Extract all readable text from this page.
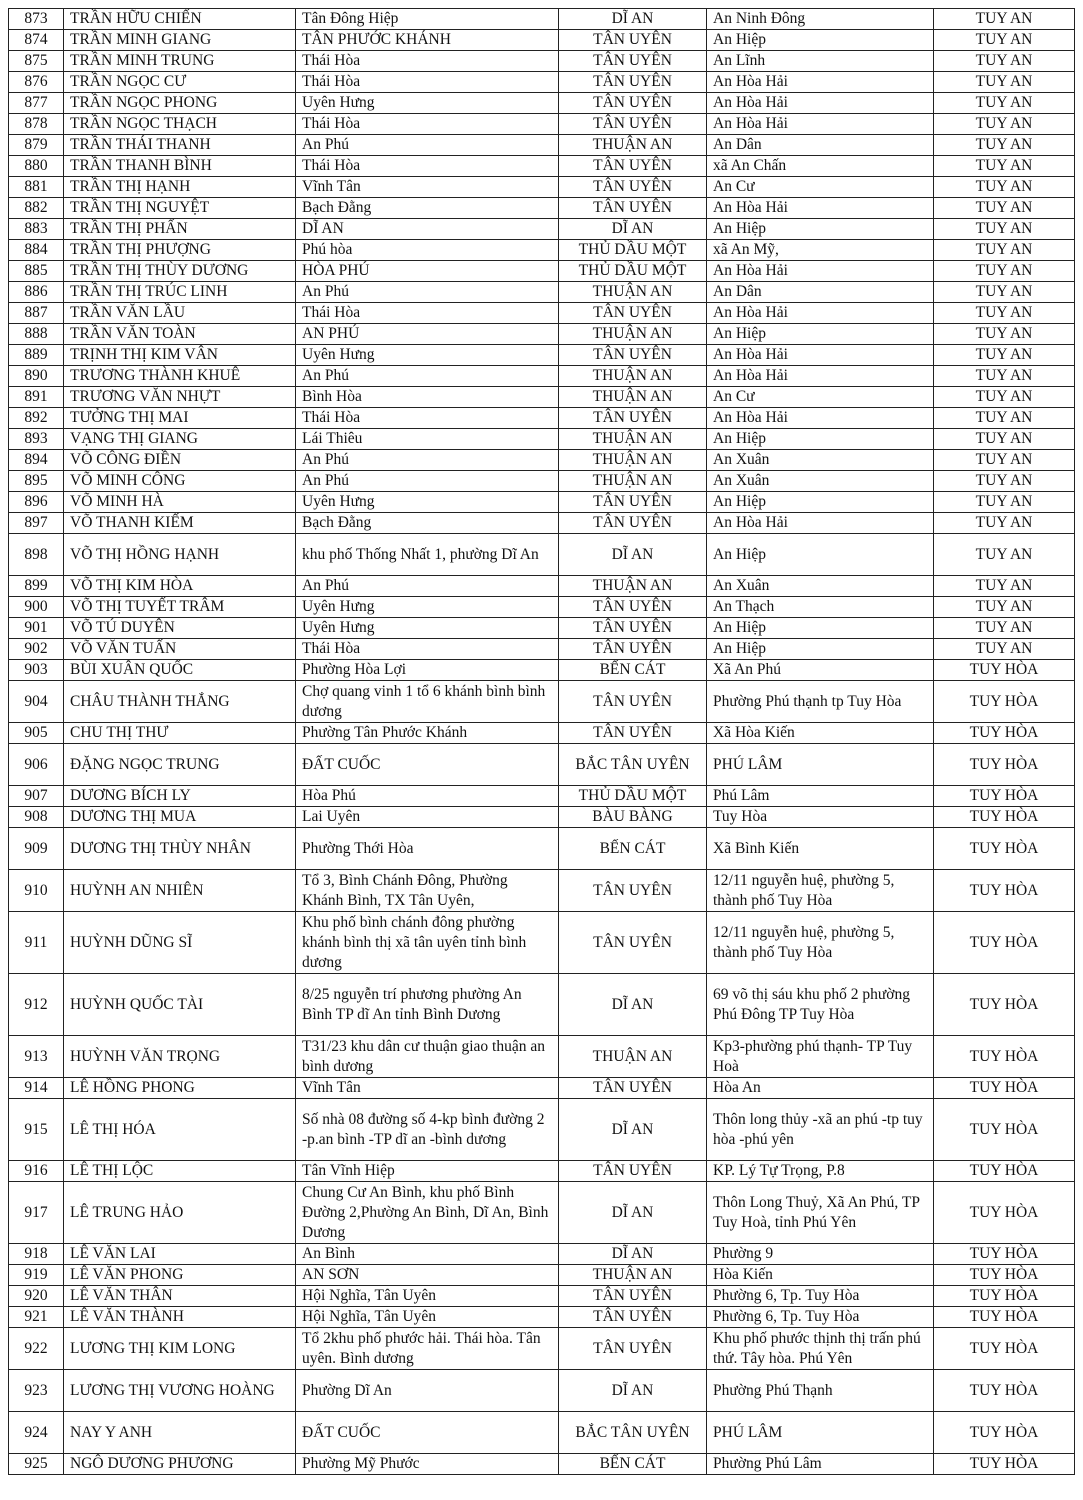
873	TRẦN HỮU CHIẾN	Tân Đông Hiệp	DĨ AN	An Ninh Đông	TUY AN
874	TRẦN MINH GIANG	TÂN PHƯỚC KHÁNH	TÂN UYÊN	An Hiệp	TUY AN
875	TRẦN MINH TRUNG	Thái Hòa	TÂN UYÊN	An Lĩnh	TUY AN
876	TRẦN NGỌC CƯ	Thái Hòa	TÂN UYÊN	An Hòa Hải	TUY AN
877	TRẦN NGỌC PHONG	Uyên Hưng	TÂN UYÊN	An Hòa Hải	TUY AN
878	TRẦN NGỌC THẠCH	Thái Hòa	TÂN UYÊN	An Hòa Hải	TUY AN
879	TRẦN THÁI THANH	An Phú	THUẬN AN	An Dân	TUY AN
880	TRẦN THANH BÌNH	Thái Hòa	TÂN UYÊN	xã An Chấn	TUY AN
881	TRẦN THỊ HẠNH	Vĩnh Tân	TÂN UYÊN	An Cư	TUY AN
882	TRẦN THỊ NGUYỆT	Bạch Đằng	TÂN UYÊN	An Hòa Hải	TUY AN
883	TRẦN THỊ PHẤN	DĨ AN	DĨ AN	An Hiệp	TUY AN
884	TRẦN THỊ PHƯỢNG	Phú hòa	THỦ DẦU MỘT	xã An Mỹ,	TUY AN
885	TRẦN THỊ THÙY DƯƠNG	HÒA PHÚ	THỦ DẦU MỘT	An Hòa Hải	TUY AN
886	TRẦN THỊ TRÚC LINH	An Phú	THUẬN AN	An Dân	TUY AN
887	TRẦN VĂN LẦU	Thái Hòa	TÂN UYÊN	An Hòa Hải	TUY AN
888	TRẦN VĂN TOÀN	AN PHÚ	THUẬN AN	An Hiệp	TUY AN
889	TRỊNH THỊ KIM VÂN	Uyên Hưng	TÂN UYÊN	An Hòa Hải	TUY AN
890	TRƯƠNG THÀNH KHUÊ	An Phú	THUẬN AN	An Hòa Hải	TUY AN
891	TRƯƠNG VĂN NHỰT	Bình Hòa	THUẬN AN	An Cư	TUY AN
892	TƯỞNG THỊ MAI	Thái Hòa	TÂN UYÊN	An Hòa Hải	TUY AN
893	VẠNG THỊ GIANG	Lái Thiêu	THUẬN AN	An Hiệp	TUY AN
894	VÕ CÔNG ĐIỀN	An Phú	THUẬN AN	An Xuân	TUY AN
895	VÕ MINH CÔNG	An Phú	THUẬN AN	An Xuân	TUY AN
896	VÕ MINH HÀ	Uyên Hưng	TÂN UYÊN	An Hiệp	TUY AN
897	VÕ THANH KIẾM	Bạch Đằng	TÂN UYÊN	An Hòa Hải	TUY AN
898	VÕ THỊ HỒNG HẠNH	khu phố Thống Nhất 1, phường Dĩ An	DĨ AN	An Hiệp	TUY AN
899	VÕ THỊ KIM HÒA	An Phú	THUẬN AN	An Xuân	TUY AN
900	VÕ THỊ TUYẾT TRÂM	Uyên Hưng	TÂN UYÊN	An Thạch	TUY AN
901	VÕ TÚ DUYÊN	Uyên Hưng	TÂN UYÊN	An Hiệp	TUY AN
902	VÕ VĂN TUẤN	Thái Hòa	TÂN UYÊN	An Hiệp	TUY AN
903	BÙI XUÂN QUỐC	Phường Hòa Lợi	BẾN CÁT	Xã An Phú	TUY HÒA
904	CHÂU THÀNH THẮNG	Chợ quang vinh 1 tổ 6 khánh bình bình dương	TÂN UYÊN	Phường Phú thạnh tp Tuy Hòa	TUY HÒA
905	CHU THỊ THƯ	Phường Tân Phước Khánh	TÂN UYÊN	Xã Hòa Kiến	TUY HÒA
906	ĐẶNG NGỌC TRUNG	ĐẤT CUỐC	BẮC TÂN UYÊN	PHÚ LÂM	TUY HÒA
907	DƯƠNG BÍCH LY	Hòa Phú	THỦ DẦU MỘT	Phú Lâm	TUY HÒA
908	DƯƠNG THỊ MUA	Lai Uyên	BÀU BÀNG	Tuy Hòa	TUY HÒA
909	DƯƠNG THỊ THÙY NHÂN	Phường Thới Hòa	BẾN CÁT	Xã Bình Kiến	TUY HÒA
910	HUỲNH AN NHIÊN	Tổ 3, Bình Chánh Đông, Phường Khánh Bình, TX Tân Uyên,	TÂN UYÊN	12/11 nguyễn huệ, phường 5, thành phố Tuy Hòa	TUY HÒA
911	HUỲNH DŨNG SĨ	Khu phố bình chánh đông phường khánh bình thị xã tân uyên tỉnh bình dương	TÂN UYÊN	12/11 nguyễn huệ, phường 5, thành phố Tuy Hòa	TUY HÒA
912	HUỲNH QUỐC TÀI	8/25 nguyễn trí phương phường An Bình TP dĩ An tỉnh Bình Dương	DĨ AN	69 võ thị sáu khu phố 2 phường Phú Đông TP Tuy Hòa	TUY HÒA
913	HUỲNH VĂN TRỌNG	T31/23 khu dân cư thuận giao thuận an bình dương	THUẬN AN	Kp3-phường phú thạnh- TP Tuy Hoà	TUY HÒA
914	LÊ HỒNG PHONG	Vĩnh Tân	TÂN UYÊN	Hòa An	TUY HÒA
915	LÊ THỊ HÓA	Số nhà 08 đường số 4-kp bình đường 2 -p.an bình -TP dĩ an -bình dương	DĨ AN	Thôn long thủy -xã an phú -tp tuy hòa -phú yên	TUY HÒA
916	LÊ THỊ LỘC	Tân Vĩnh Hiệp	TÂN UYÊN	KP. Lý Tự Trọng, P.8	TUY HÒA
917	LÊ TRUNG HẢO	Chung Cư An Bình, khu phố Bình Đường 2,Phường An Bình, Dĩ An, Bình Dương	DĨ AN	Thôn Long Thuỷ, Xã An Phú, TP Tuy Hoà, tỉnh Phú Yên	TUY HÒA
918	LÊ VĂN LAI	An Bình	DĨ AN	Phường 9	TUY HÒA
919	LÊ VĂN PHONG	AN SƠN	THUẬN AN	Hòa Kiến	TUY HÒA
920	LÊ VĂN THÂN	Hội Nghĩa, Tân Uyên	TÂN UYÊN	Phường 6, Tp. Tuy Hòa	TUY HÒA
921	LÊ VĂN THÀNH	Hội Nghĩa, Tân Uyên	TÂN UYÊN	Phường 6, Tp. Tuy Hòa	TUY HÒA
922	LƯƠNG THỊ KIM LONG	Tổ 2khu phố phước hải. Thái hòa. Tân uyên. Bình dương	TÂN UYÊN	Khu phố phước thịnh thị trấn phú thứ. Tây hòa. Phú Yên	TUY HÒA
923	LƯƠNG THỊ VƯƠNG HOÀNG	Phường Dĩ An	DĨ AN	Phường Phú Thạnh	TUY HÒA
924	NAY Y ANH	ĐẤT CUỐC	BẮC TÂN UYÊN	PHÚ LÂM	TUY HÒA
925	NGÔ DƯƠNG PHƯƠNG	Phường Mỹ Phước	BẾN CÁT	Phường Phú Lâm	TUY HÒA
